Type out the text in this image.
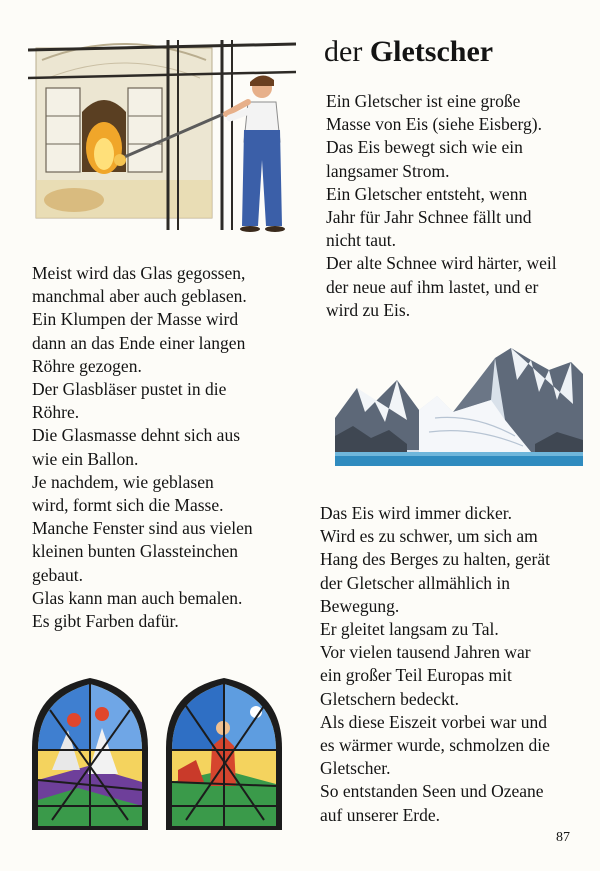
der Gletscher
Ein Gletscher ist eine große
Masse von Eis (siehe Eisberg).
Das Eis bewegt sich wie ein
langsamer Strom.
Ein Gletscher entsteht, wenn
Jahr für Jahr Schnee fällt und
nicht taut.
Der alte Schnee wird härter, weil
der neue auf ihm lastet, und er
wird zu Eis.
Meist wird das Glas gegossen,
manchmal aber auch geblasen.
Ein Klumpen der Masse wird
dann an das Ende einer langen
Röhre gezogen.
Der Glasbläser pustet in die
Röhre.
Die Glasmasse dehnt sich aus
wie ein Ballon.
Je nachdem, wie geblasen
wird, formt sich die Masse.
Manche Fenster sind aus vielen
kleinen bunten Glassteinchen
gebaut.
Glas kann man auch bemalen.
Es gibt Farben dafür.
Das Eis wird immer dicker.
Wird es zu schwer, um sich am
Hang des Berges zu halten, gerät
der Gletscher allmählich in
Bewegung.
Er gleitet langsam zu Tal.
Vor vielen tausend Jahren war
ein großer Teil Europas mit
Gletschern bedeckt.
Als diese Eiszeit vorbei war und
es wärmer wurde, schmolzen die
Gletscher.
So entstanden Seen und Ozeane
auf unserer Erde.
87
